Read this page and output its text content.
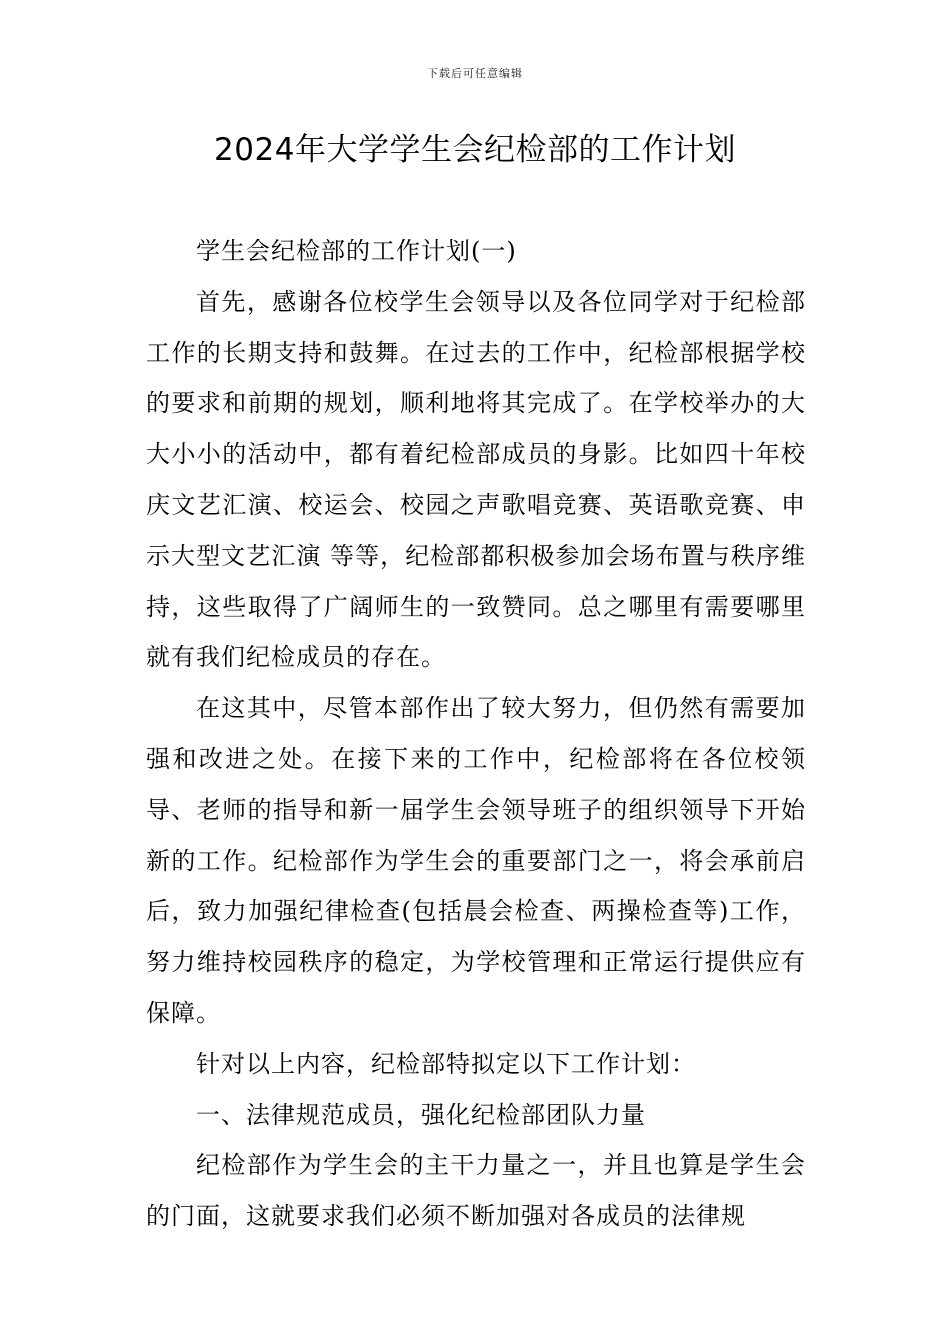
下载后可任意编辑
2024年大学学生会纪检部的工作计划

学生会纪检部的工作计划(一)

首先，感谢各位校学生会领导以及各位同学对于纪检部工作的长期支持和鼓舞。在过去的工作中，纪检部根据学校的要求和前期的规划，顺利地将其完成了。在学校举办的大大小小的活动中，都有着纪检部成员的身影。比如四十年校庆文艺汇演、校运会、校园之声歌唱竞赛、英语歌竞赛、申示大型文艺汇演 等等，纪检部都积极参加会场布置与秩序维持，这些取得了广阔师生的一致赞同。总之哪里有需要哪里就有我们纪检成员的存在。

在这其中，尽管本部作出了较大努力，但仍然有需要加强和改进之处。在接下来的工作中，纪检部将在各位校领导、老师的指导和新一届学生会领导班子的组织领导下开始新的工作。纪检部作为学生会的重要部门之一，将会承前启后，致力加强纪律检查(包括晨会检查、两操检查等)工作，努力维持校园秩序的稳定，为学校管理和正常运行提供应有保障。

针对以上内容，纪检部特拟定以下工作计划：

一、法律规范成员，强化纪检部团队力量

纪检部作为学生会的主干力量之一，并且也算是学生会的门面，这就要求我们必须不断加强对各成员的法律规
